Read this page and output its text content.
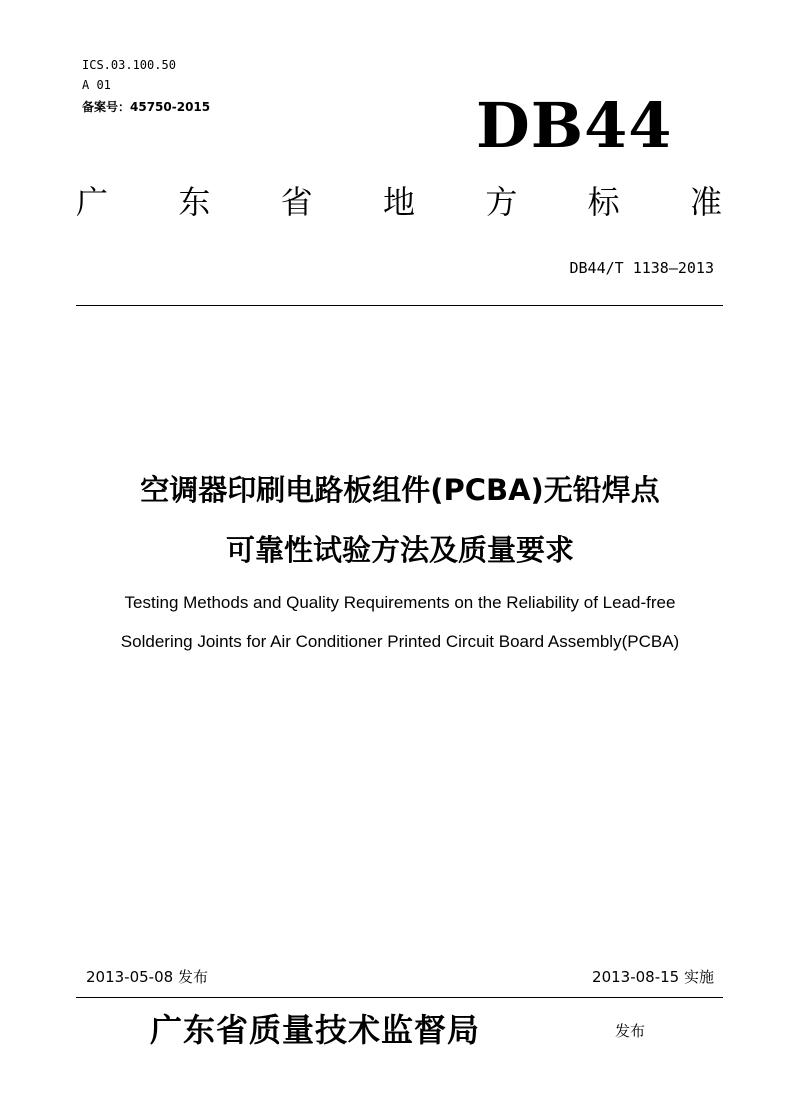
ICS.03.100.50
A 01
备案号：45750-2015	DB44
广 东 省 地 方 标 准
DB44/T 1138—2013
空调器印刷电路板组件(PCBA)无铅焊点
可靠性试验方法及质量要求
Testing Methods and Quality Requirements on the Reliability of Lead-free
Soldering Joints for Air Conditioner Printed Circuit Board Assembly(PCBA)
2013-05-08 发布	2013-08-15 实施
广东省质量技术监督局	发布
